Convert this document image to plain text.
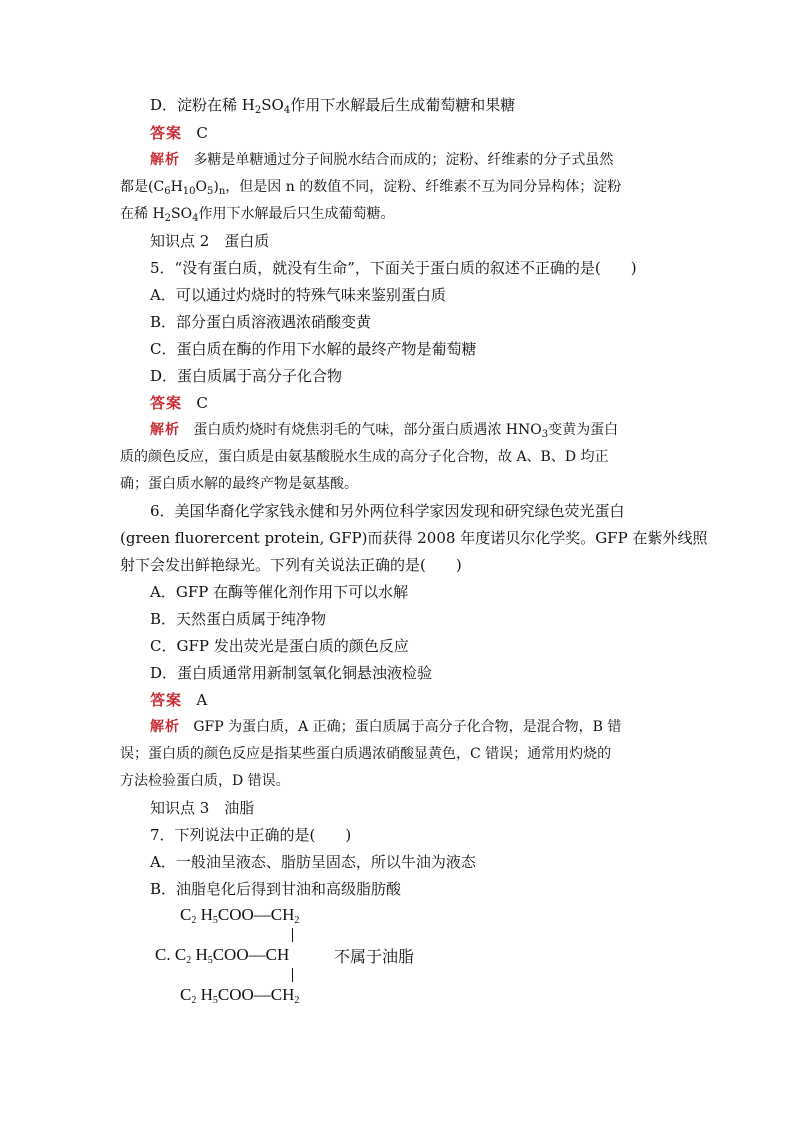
D．淀粉在稀 $H_2SO_4$作用下水解最后生成葡萄糖和果糖
答案 C
解析 多糖是单糖通过分子间脱水结合而成的；淀粉、纤维素的分子式虽然
都是$(C_6H_{10}O_5)_n$，但是因 n 的数值不同，淀粉、纤维素不互为同分异构体；淀粉
在稀 $H_2SO_4$作用下水解最后只生成葡萄糖。
知识点 2　蛋白质
5．“没有蛋白质，就没有生命”，下面关于蛋白质的叙述不正确的是(　　)
A．可以通过灼烧时的特殊气味来鉴别蛋白质
B．部分蛋白质溶液遇浓硝酸变黄
C．蛋白质在酶的作用下水解的最终产物是葡萄糖
D．蛋白质属于高分子化合物
答案 C
解析 蛋白质灼烧时有烧焦羽毛的气味，部分蛋白质遇浓 $HNO_3$变黄为蛋白
质的颜色反应，蛋白质是由氨基酸脱水生成的高分子化合物，故 A、B、D 均正
确；蛋白质水解的最终产物是氨基酸。
6．美国华裔化学家钱永健和另外两位科学家因发现和研究绿色荧光蛋白
(green fluorercent protein, GFP)而获得 2008 年度诺贝尔化学奖。GFP 在紫外线照
射下会发出鲜艳绿光。下列有关说法正确的是(　　)
A．GFP 在酶等催化剂作用下可以水解
B．天然蛋白质属于纯净物
C．GFP 发出荧光是蛋白质的颜色反应
D．蛋白质通常用新制氢氧化铜悬浊液检验
答案 A
解析 GFP 为蛋白质，A 正确；蛋白质属于高分子化合物，是混合物，B 错
误；蛋白质的颜色反应是指某些蛋白质遇浓硝酸显黄色，C 错误；通常用灼烧的
方法检验蛋白质，D 错误。
知识点 3　油脂
7．下列说法中正确的是(　　)
A．一般油呈液态、脂肪呈固态，所以牛油为液态
B．油脂皂化后得到甘油和高级脂肪酸
$C_2$ $H_5COO—CH_2$
C. $C_2$ $H_5COO—CH$	不属于油脂
$C_2$ $H_5COO—CH_2$
